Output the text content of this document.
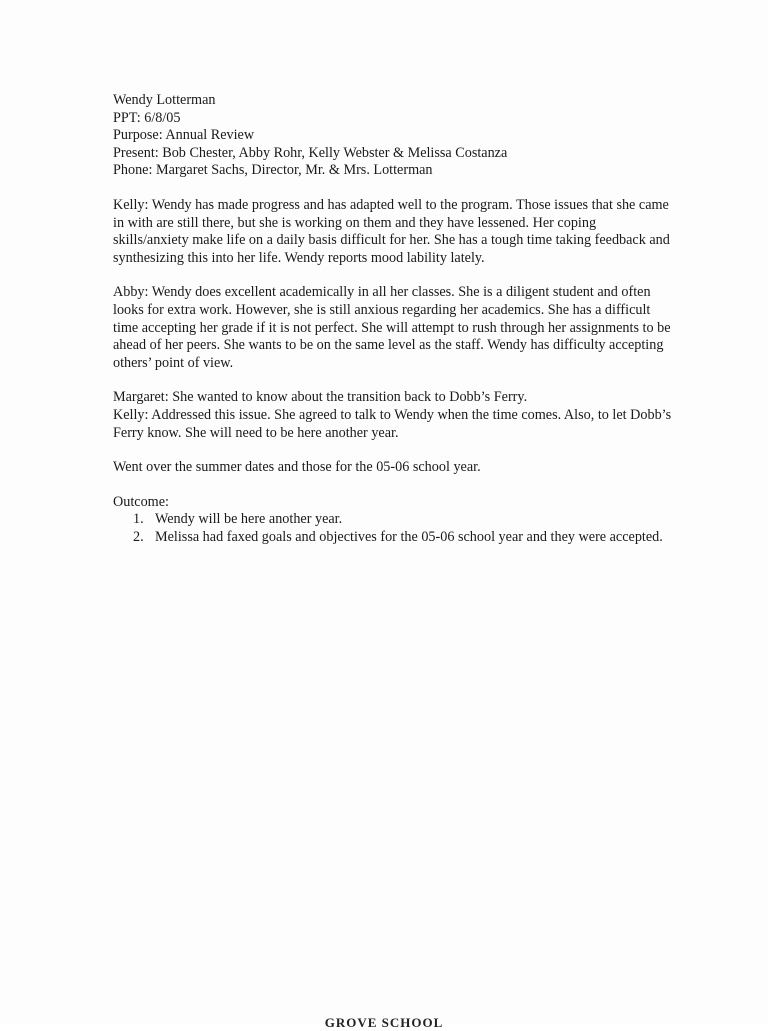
Wendy Lotterman

PPT: 6/8/05

Purpose: Annual Review

Present: Bob Chester, Abby Rohr, Kelly Webster & Melissa Costanza

Phone: Margaret Sachs, Director, Mr. & Mrs. Lotterman

Kelly: Wendy has made progress and has adapted well to the program. Those issues that she came in with are still there, but she is working on them and they have lessened. Her coping skills/anxiety make life on a daily basis difficult for her. She has a tough time taking feedback and synthesizing this into her life. Wendy reports mood lability lately.

Abby: Wendy does excellent academically in all her classes. She is a diligent student and often looks for extra work. However, she is still anxious regarding her academics. She has a difficult time accepting her grade if it is not perfect. She will attempt to rush through her assignments to be ahead of her peers. She wants to be on the same level as the staff. Wendy has difficulty accepting others’ point of view.

Margaret: She wanted to know about the transition back to Dobb’s Ferry.

Kelly: Addressed this issue. She agreed to talk to Wendy when the time comes. Also, to let Dobb’s Ferry know. She will need to be here another year.

Went over the summer dates and those for the 05-06 school year.

Outcome:

1. Wendy will be here another year.
2. Melissa had faxed goals and objectives for the 05-06 school year and they were accepted.
GROVE SCHOOL
